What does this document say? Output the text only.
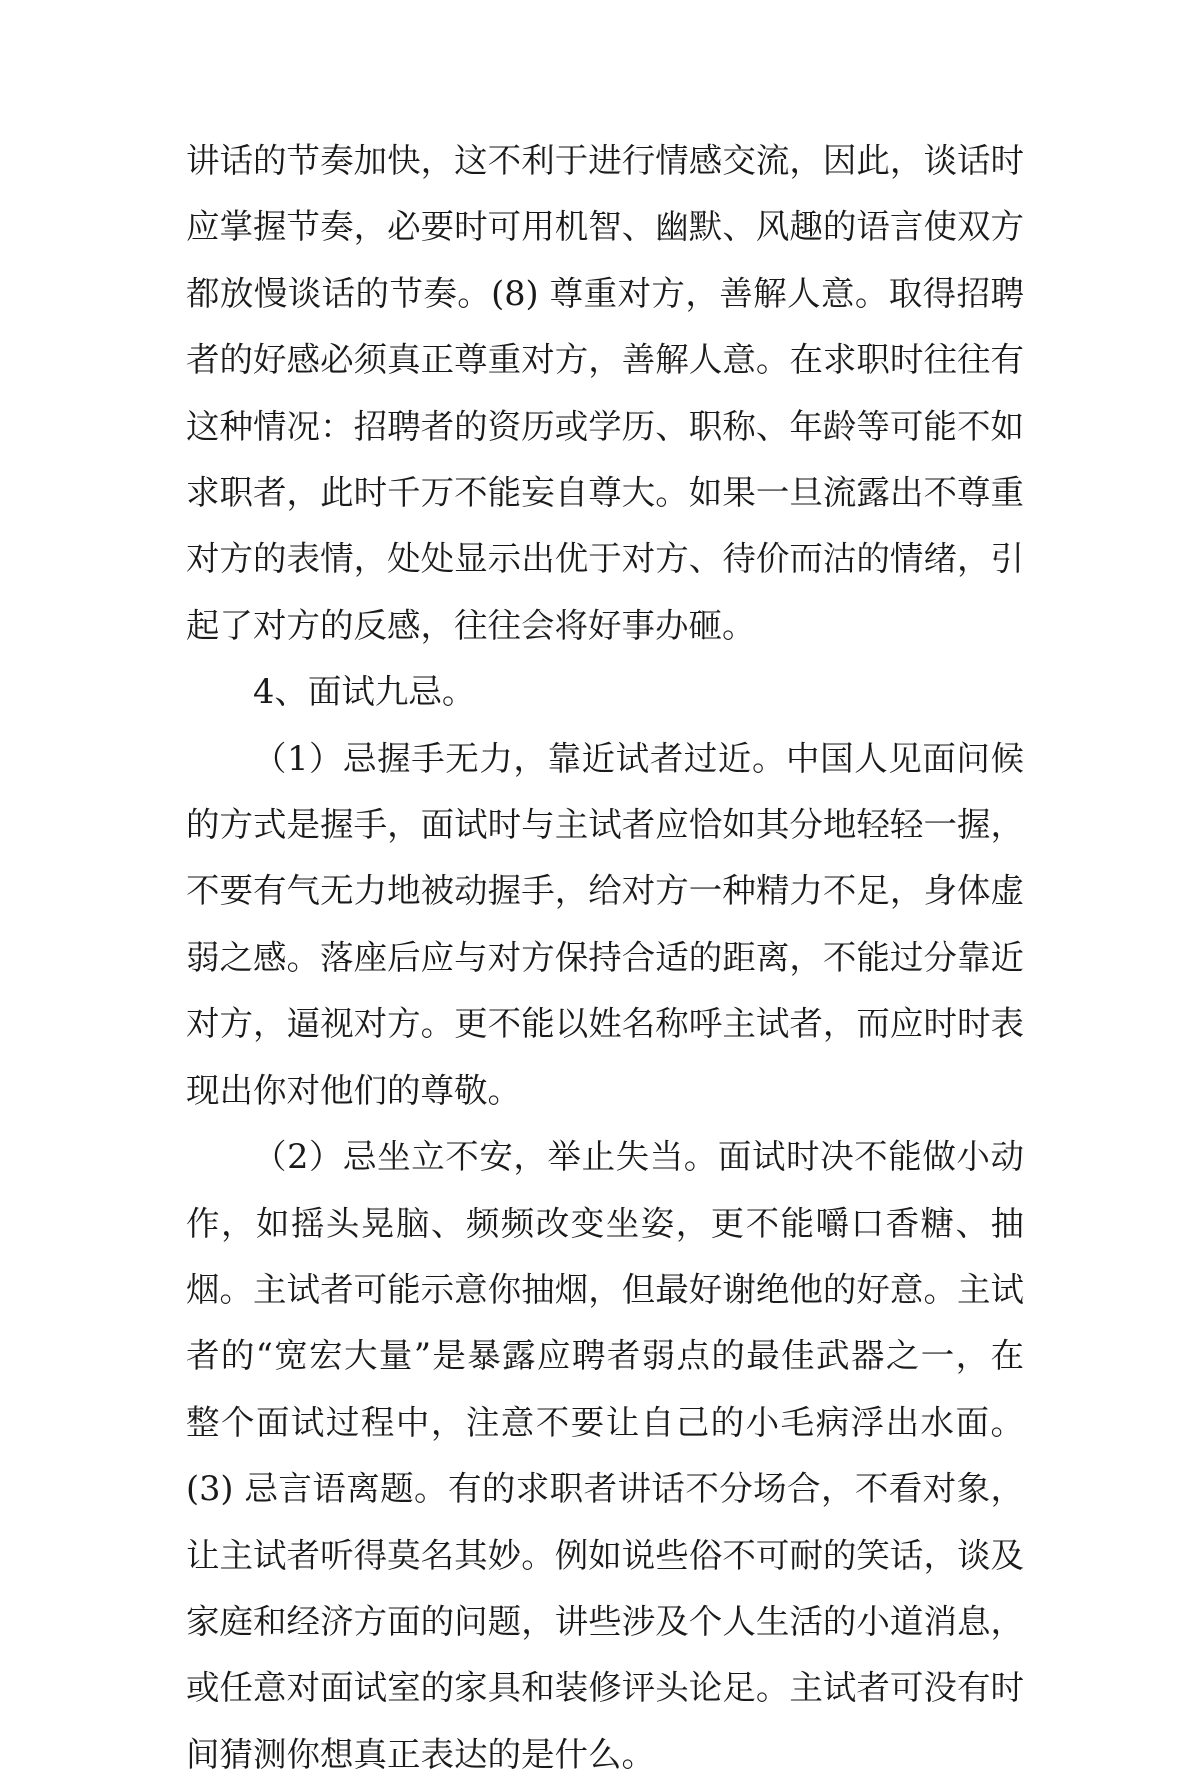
讲话的节奏加快，这不利于进行情感交流，因此，谈话时应掌握节奏，必要时可用机智、幽默、风趣的语言使双方都放慢谈话的节奏。(8) 尊重对方，善解人意。取得招聘者的好感必须真正尊重对方，善解人意。在求职时往往有这种情况：招聘者的资历或学历、职称、年龄等可能不如求职者，此时千万不能妄自尊大。如果一旦流露出不尊重对方的表情，处处显示出优于对方、待价而沽的情绪，引起了对方的反感，往往会将好事办砸。

4、面试九忌。

（1）忌握手无力，靠近试者过近。中国人见面问候的方式是握手，面试时与主试者应恰如其分地轻轻一握，不要有气无力地被动握手，给对方一种精力不足，身体虚弱之感。落座后应与对方保持合适的距离，不能过分靠近对方，逼视对方。更不能以姓名称呼主试者，而应时时表现出你对他们的尊敬。

（2）忌坐立不安，举止失当。面试时决不能做小动作，如摇头晃脑、频频改变坐姿，更不能嚼口香糖、抽烟。主试者可能示意你抽烟，但最好谢绝他的好意。主试者的“宽宏大量”是暴露应聘者弱点的最佳武器之一，在整个面试过程中，注意不要让自己的小毛病浮出水面。(3) 忌言语离题。有的求职者讲话不分场合，不看对象，让主试者听得莫名其妙。例如说些俗不可耐的笑话，谈及家庭和经济方面的问题，讲些涉及个人生活的小道消息，或任意对面试室的家具和装修评头论足。主试者可没有时间猜测你想真正表达的是什么。
